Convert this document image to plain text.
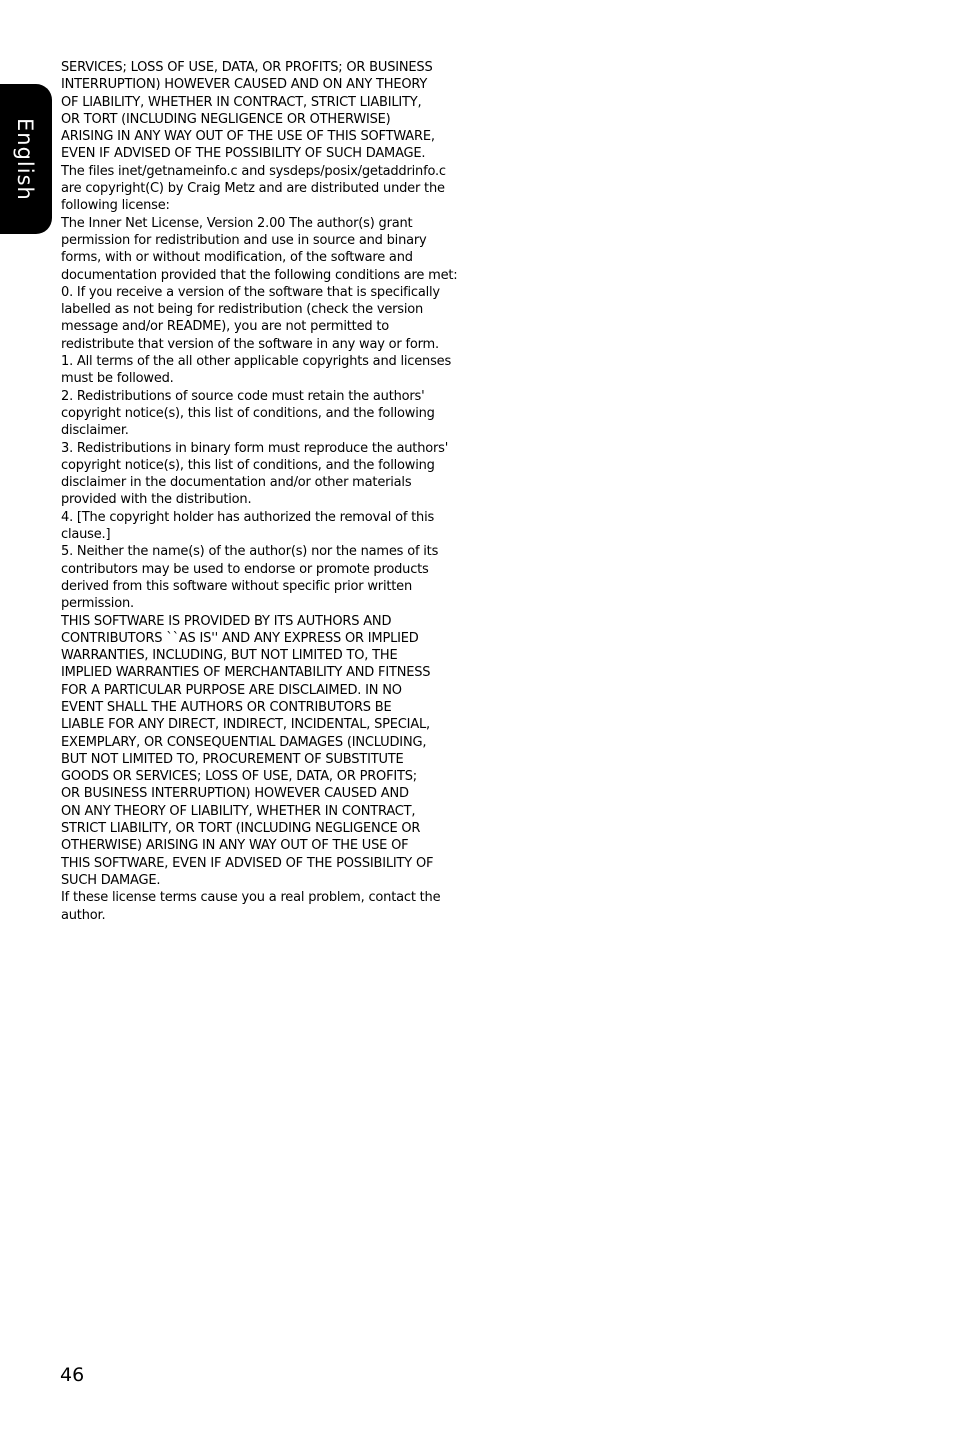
English
SERVICES; LOSS OF USE, DATA, OR PROFITS; OR BUSINESS
INTERRUPTION) HOWEVER CAUSED AND ON ANY THEORY
OF LIABILITY, WHETHER IN CONTRACT, STRICT LIABILITY,
OR TORT (INCLUDING NEGLIGENCE OR OTHERWISE)
ARISING IN ANY WAY OUT OF THE USE OF THIS SOFTWARE,
EVEN IF ADVISED OF THE POSSIBILITY OF SUCH DAMAGE.
The files inet/getnameinfo.c and sysdeps/posix/getaddrinfo.c
are copyright(C) by Craig Metz and are distributed under the
following license:
The Inner Net License, Version 2.00 The author(s) grant
permission for redistribution and use in source and binary
forms, with or without modification, of the software and
documentation provided that the following conditions are met:
0. If you receive a version of the software that is specifically
labelled as not being for redistribution (check the version
message and/or README), you are not permitted to
redistribute that version of the software in any way or form.
1. All terms of the all other applicable copyrights and licenses
must be followed.
2. Redistributions of source code must retain the authors'
copyright notice(s), this list of conditions, and the following
disclaimer.
3. Redistributions in binary form must reproduce the authors'
copyright notice(s), this list of conditions, and the following
disclaimer in the documentation and/or other materials
provided with the distribution.
4. [The copyright holder has authorized the removal of this
clause.]
5. Neither the name(s) of the author(s) nor the names of its
contributors may be used to endorse or promote products
derived from this software without specific prior written
permission.
THIS SOFTWARE IS PROVIDED BY ITS AUTHORS AND
CONTRIBUTORS ``AS IS'' AND ANY EXPRESS OR IMPLIED
WARRANTIES, INCLUDING, BUT NOT LIMITED TO, THE
IMPLIED WARRANTIES OF MERCHANTABILITY AND FITNESS
FOR A PARTICULAR PURPOSE ARE DISCLAIMED. IN NO
EVENT SHALL THE AUTHORS OR CONTRIBUTORS BE
LIABLE FOR ANY DIRECT, INDIRECT, INCIDENTAL, SPECIAL,
EXEMPLARY, OR CONSEQUENTIAL DAMAGES (INCLUDING,
BUT NOT LIMITED TO, PROCUREMENT OF SUBSTITUTE
GOODS OR SERVICES; LOSS OF USE, DATA, OR PROFITS;
OR BUSINESS INTERRUPTION) HOWEVER CAUSED AND
ON ANY THEORY OF LIABILITY, WHETHER IN CONTRACT,
STRICT LIABILITY, OR TORT (INCLUDING NEGLIGENCE OR
OTHERWISE) ARISING IN ANY WAY OUT OF THE USE OF
THIS SOFTWARE, EVEN IF ADVISED OF THE POSSIBILITY OF
SUCH DAMAGE.
If these license terms cause you a real problem, contact the
author.
46
